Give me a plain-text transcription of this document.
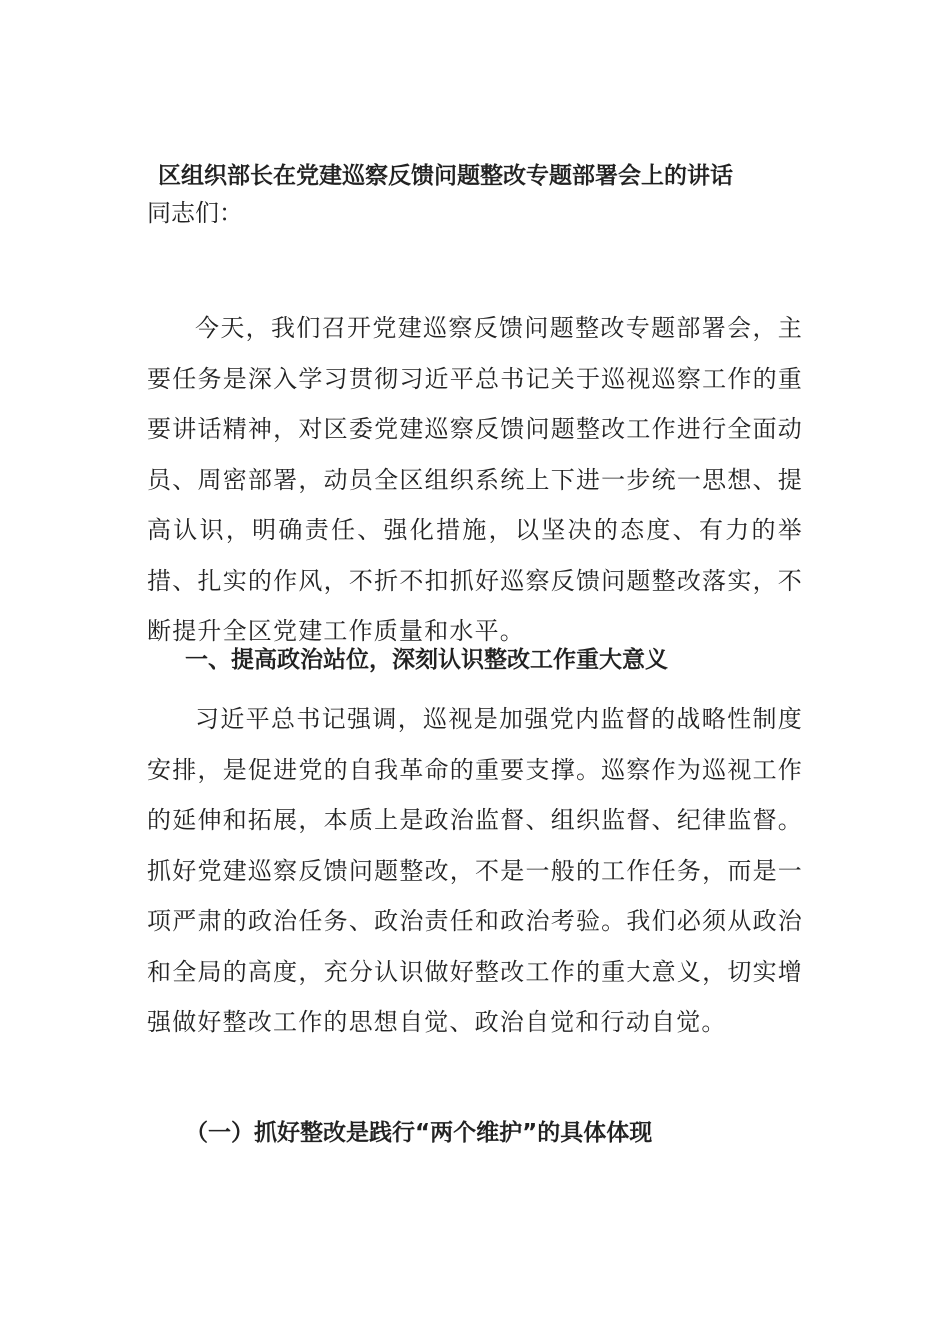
区组织部长在党建巡察反馈问题整改专题部署会上的讲话

同志们：

今天，我们召开党建巡察反馈问题整改专题部署会，主要任务是深入学习贯彻习近平总书记关于巡视巡察工作的重要讲话精神，对区委党建巡察反馈问题整改工作进行全面动员、周密部署，动员全区组织系统上下进一步统一思想、提高认识，明确责任、强化措施，以坚决的态度、有力的举措、扎实的作风，不折不扣抓好巡察反馈问题整改落实，不断提升全区党建工作质量和水平。

一、提高政治站位，深刻认识整改工作重大意义

习近平总书记强调，巡视是加强党内监督的战略性制度安排，是促进党的自我革命的重要支撑。巡察作为巡视工作的延伸和拓展，本质上是政治监督、组织监督、纪律监督。抓好党建巡察反馈问题整改，不是一般的工作任务，而是一项严肃的政治任务、政治责任和政治考验。我们必须从政治和全局的高度，充分认识做好整改工作的重大意义，切实增强做好整改工作的思想自觉、政治自觉和行动自觉。

（一）抓好整改是践行“两个维护”的具体体现
